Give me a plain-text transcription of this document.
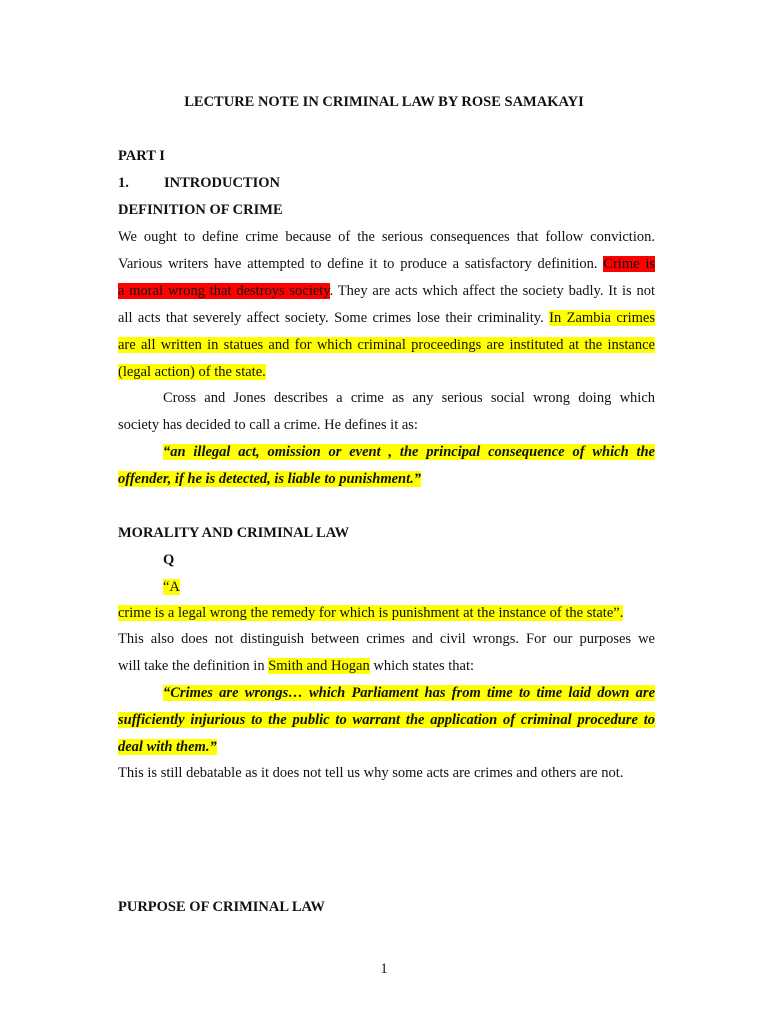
LECTURE NOTE IN CRIMINAL LAW BY ROSE SAMAKAYI
PART I
1. INTRODUCTION
DEFINITION OF CRIME
We ought to define crime because of the serious consequences that follow conviction.
Various writers have attempted to define it to produce a satisfactory definition. Crime is
a moral wrong that destroys society. They are acts which affect the society badly. It is not
all acts that severely affect society. Some crimes lose their criminality. In Zambia crimes
are all written in statues and for which criminal proceedings are instituted at the instance
(legal action) of the state.
Cross and Jones describes a crime as any serious social wrong doing which
society has decided to call a crime. He defines it as:
“an illegal act, omission or event , the principal consequence of which the
offender, if he is detected, is liable to punishment.”
MORALITY AND CRIMINAL LAW
Q
“A
crime is a legal wrong the remedy for which is punishment at the instance of the state”.
This also does not distinguish between crimes and civil wrongs. For our purposes we
will take the definition in Smith and Hogan which states that:
“Crimes are wrongs… which Parliament has from time to time laid down are
sufficiently injurious to the public to warrant the application of criminal procedure to
deal with them.”
This is still debatable as it does not tell us why some acts are crimes and others are not.
PURPOSE OF CRIMINAL LAW
1
